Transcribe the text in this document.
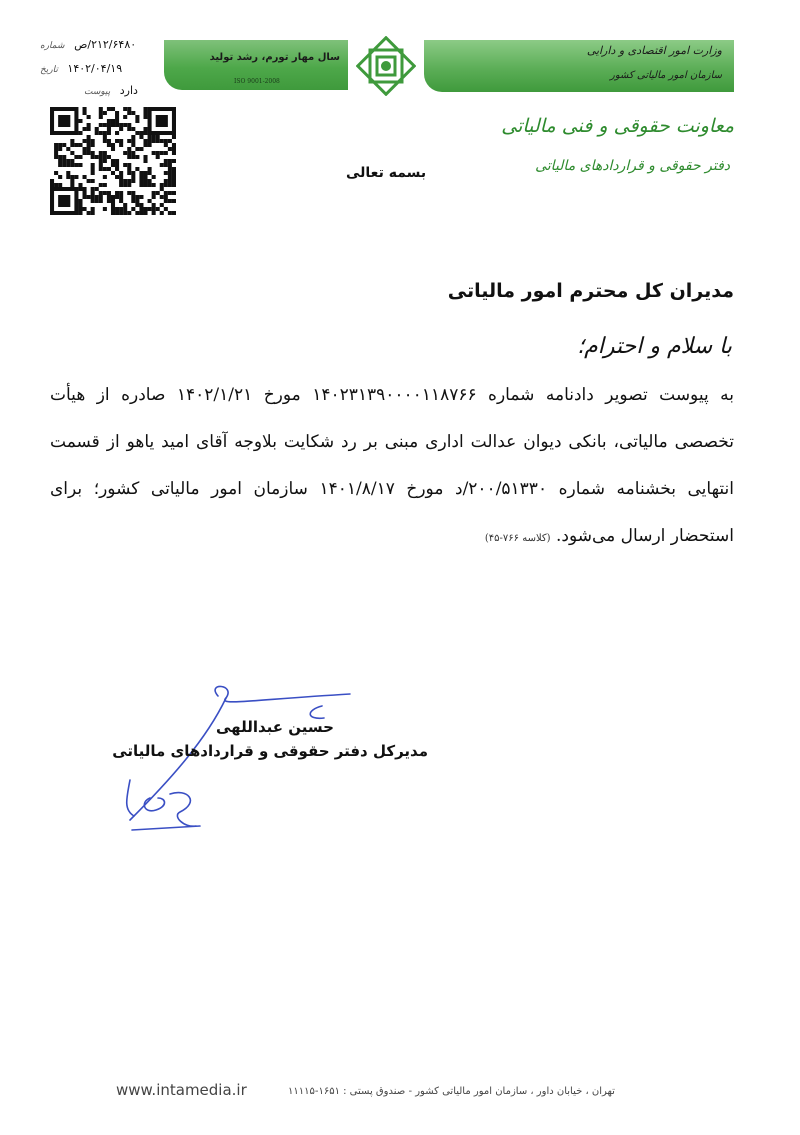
سال مهار تورم، رشد تولید
ISO 9001-2008
وزارت امور اقتصادی و دارایی
سازمان امور مالیاتی کشور
معاونت حقوقی و فنی مالیاتی
دفتر حقوقی و قراردادهای مالیاتی
۲۱۲/۶۴۸۰/ص شماره
۱۴۰۲/۰۴/۱۹ تاریخ
دارد پیوست
بسمه تعالی
مدیران کل محترم امور مالیاتی
با سلام و احترام؛
به پیوست تصویر دادنامه شماره ۱۴۰۲۳۱۳۹۰۰۰۰۱۱۸۷۶۶ مورخ ۱۴۰۲/۱/۲۱ صادره از هیأت تخصصی مالیاتی، بانکی دیوان عدالت اداری مبنی بر رد شکایت بلاوجه آقای امید یاهو از قسمت انتهایی بخشنامه شماره ۲۰۰/۵۱۳۳۰/د مورخ ۱۴۰۱/۸/۱۷ سازمان امور مالیاتی کشور؛ برای استحضار ارسال می‌شود. (کلاسه ۷۶۶-۴۵)
حسین عبداللهی
مدیرکل دفتر حقوقی و قراردادهای مالیاتی
تهران ، خیابان داور ، سازمان امور مالیاتی کشور - صندوق پستی : ۱۶۵۱-۱۱۱۱۵
www.intamedia.ir
